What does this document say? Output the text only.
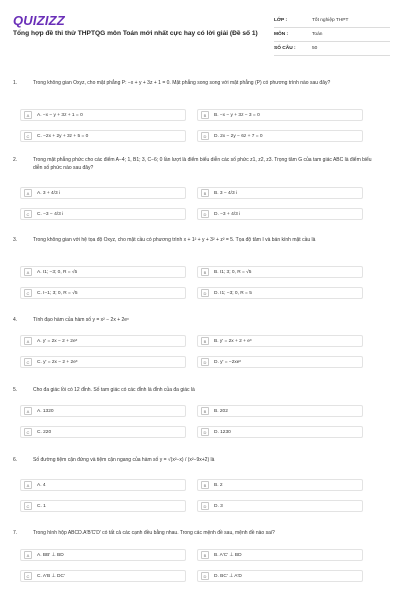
QUIZIZZ
Tổng hợp đề thi thử THPTQG môn Toán mới nhất cực hay có lời giải (Đề số 1)
LỚP :	Tốt nghiệp THPT
MÔN :	Toán
SỐ CÂU :	50
1.	Trong không gian Oxyz, cho mặt phẳng P: −x + y + 3z + 1 = 0. Mặt phẳng song song với mặt phẳng (P) có phương trình nào sau đây?
A	A. −x − y + 3z + 1 = 0	B	B. −x − y + 3z − 3 = 0
C	C. −2x + 2y + 3z + 5 = 0	D	D. 2x − 2y − 6z + 7 = 0
2.	Trong mặt phẳng phức cho các điểm A−4; 1, B1; 3, C−6; 0 lần lượt là điểm biểu diễn các số phức z1, z2, z3. Trọng tâm G của tam giác ABC là điểm biểu diễn số phức nào sau đây?
A	A. 3 + 4/3 i	B	B. 3 − 4/3 i
C	C. −3 − 4/3 i	D	D. −3 + 4/3 i
3.	Trong không gian với hệ tọa độ Oxyz, cho mặt cầu có phương trình x + 1² + y + 3² + z² = 5. Tọa độ tâm I và bán kính mặt cầu là
A	A. I1; −3; 0, R = √5	B	B. I1; 3; 0, R = √5
C	C. I−1; 3; 0, R = √5	D	D. I1; −3; 0, R = 5
4.	Tính đạo hàm của hàm số y = x² − 2x + 2eˣ
A	A. y′ = 2x − 2 + 2eˣ	B	B. y′ = 2x + 2 + eˣ
C	C. y′ = 2x − 2 + 2eˣ	D	D. y′ = −2xeˣ
5.	Cho đa giác lồi có 12 đỉnh. Số tam giác có các đỉnh là đỉnh của đa giác là
A	A. 1320	B	B. 202
C	C. 220	D	D. 1230
6.	Số đường tiệm cận đứng và tiệm cận ngang của hàm số y = √(x²−x) / (x²−9x+2) là
A	A. 4	B	B. 2
C	C. 1	D	D. 3
7.	Trong hình hộp ABCD.A′B′C′D′ có tất cả các cạnh đều bằng nhau. Trong các mệnh đề sau, mệnh đề nào sai?
A	A. BB′ ⊥ BD	B	B. A′C′ ⊥ BD
C	C. A′B ⊥ DC′	D	D. BC′ ⊥ A′D
